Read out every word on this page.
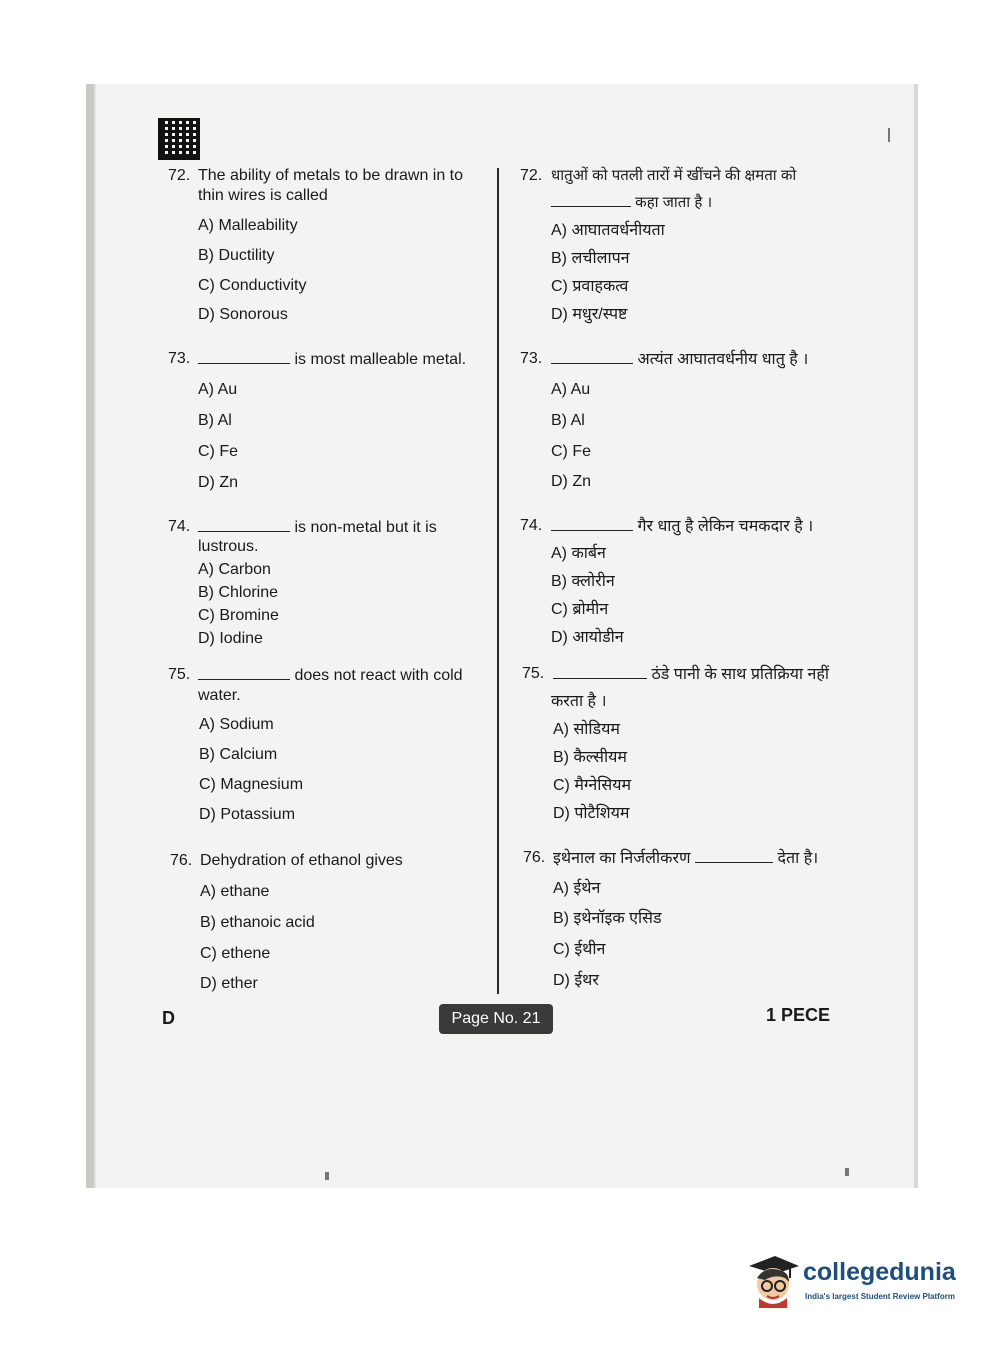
72. The ability of metals to be drawn in to
thin wires is called
A) Malleability
B) Ductility
C) Conductivity
D) Sonorous
73.	is most malleable metal.
A) Au
B) Al
C) Fe
D) Zn
74.	is non-metal but it is
lustrous.
A) Carbon
B) Chlorine
C) Bromine
D) Iodine
75.	does not react with cold
water.
A) Sodium
B) Calcium
C) Magnesium
D) Potassium
76. Dehydration of ethanol gives
A) ethane
B) ethanoic acid
C) ethene
D) ether
72. धातुओं को पतली तारों में खींचने की क्षमता को
कहा जाता है ।
A) आघातवर्धनीयता
B) लचीलापन
C) प्रवाहकत्व
D) मधुर/स्पष्ट
73.	अत्यंत आघातवर्धनीय धातु है ।
A) Au
B) Al
C) Fe
D) Zn
74.	गैर धातु है लेकिन चमकदार है ।
A) कार्बन
B) क्लोरीन
C) ब्रोमीन
D) आयोडीन
75.	ठंडे पानी के साथ प्रतिक्रिया नहीं
करता है ।
A) सोडियम
B) कैल्सीयम
C) मैग्नेसियम
D) पोटैशियम
76. इथेनाल का निर्जलीकरण	देता है।
A) ईथेन
B) इथेनॉइक एसिड
C) ईथीन
D) ईथर
D	Page No. 21	1 PECE
collegedunia
India's largest Student Review Platform
